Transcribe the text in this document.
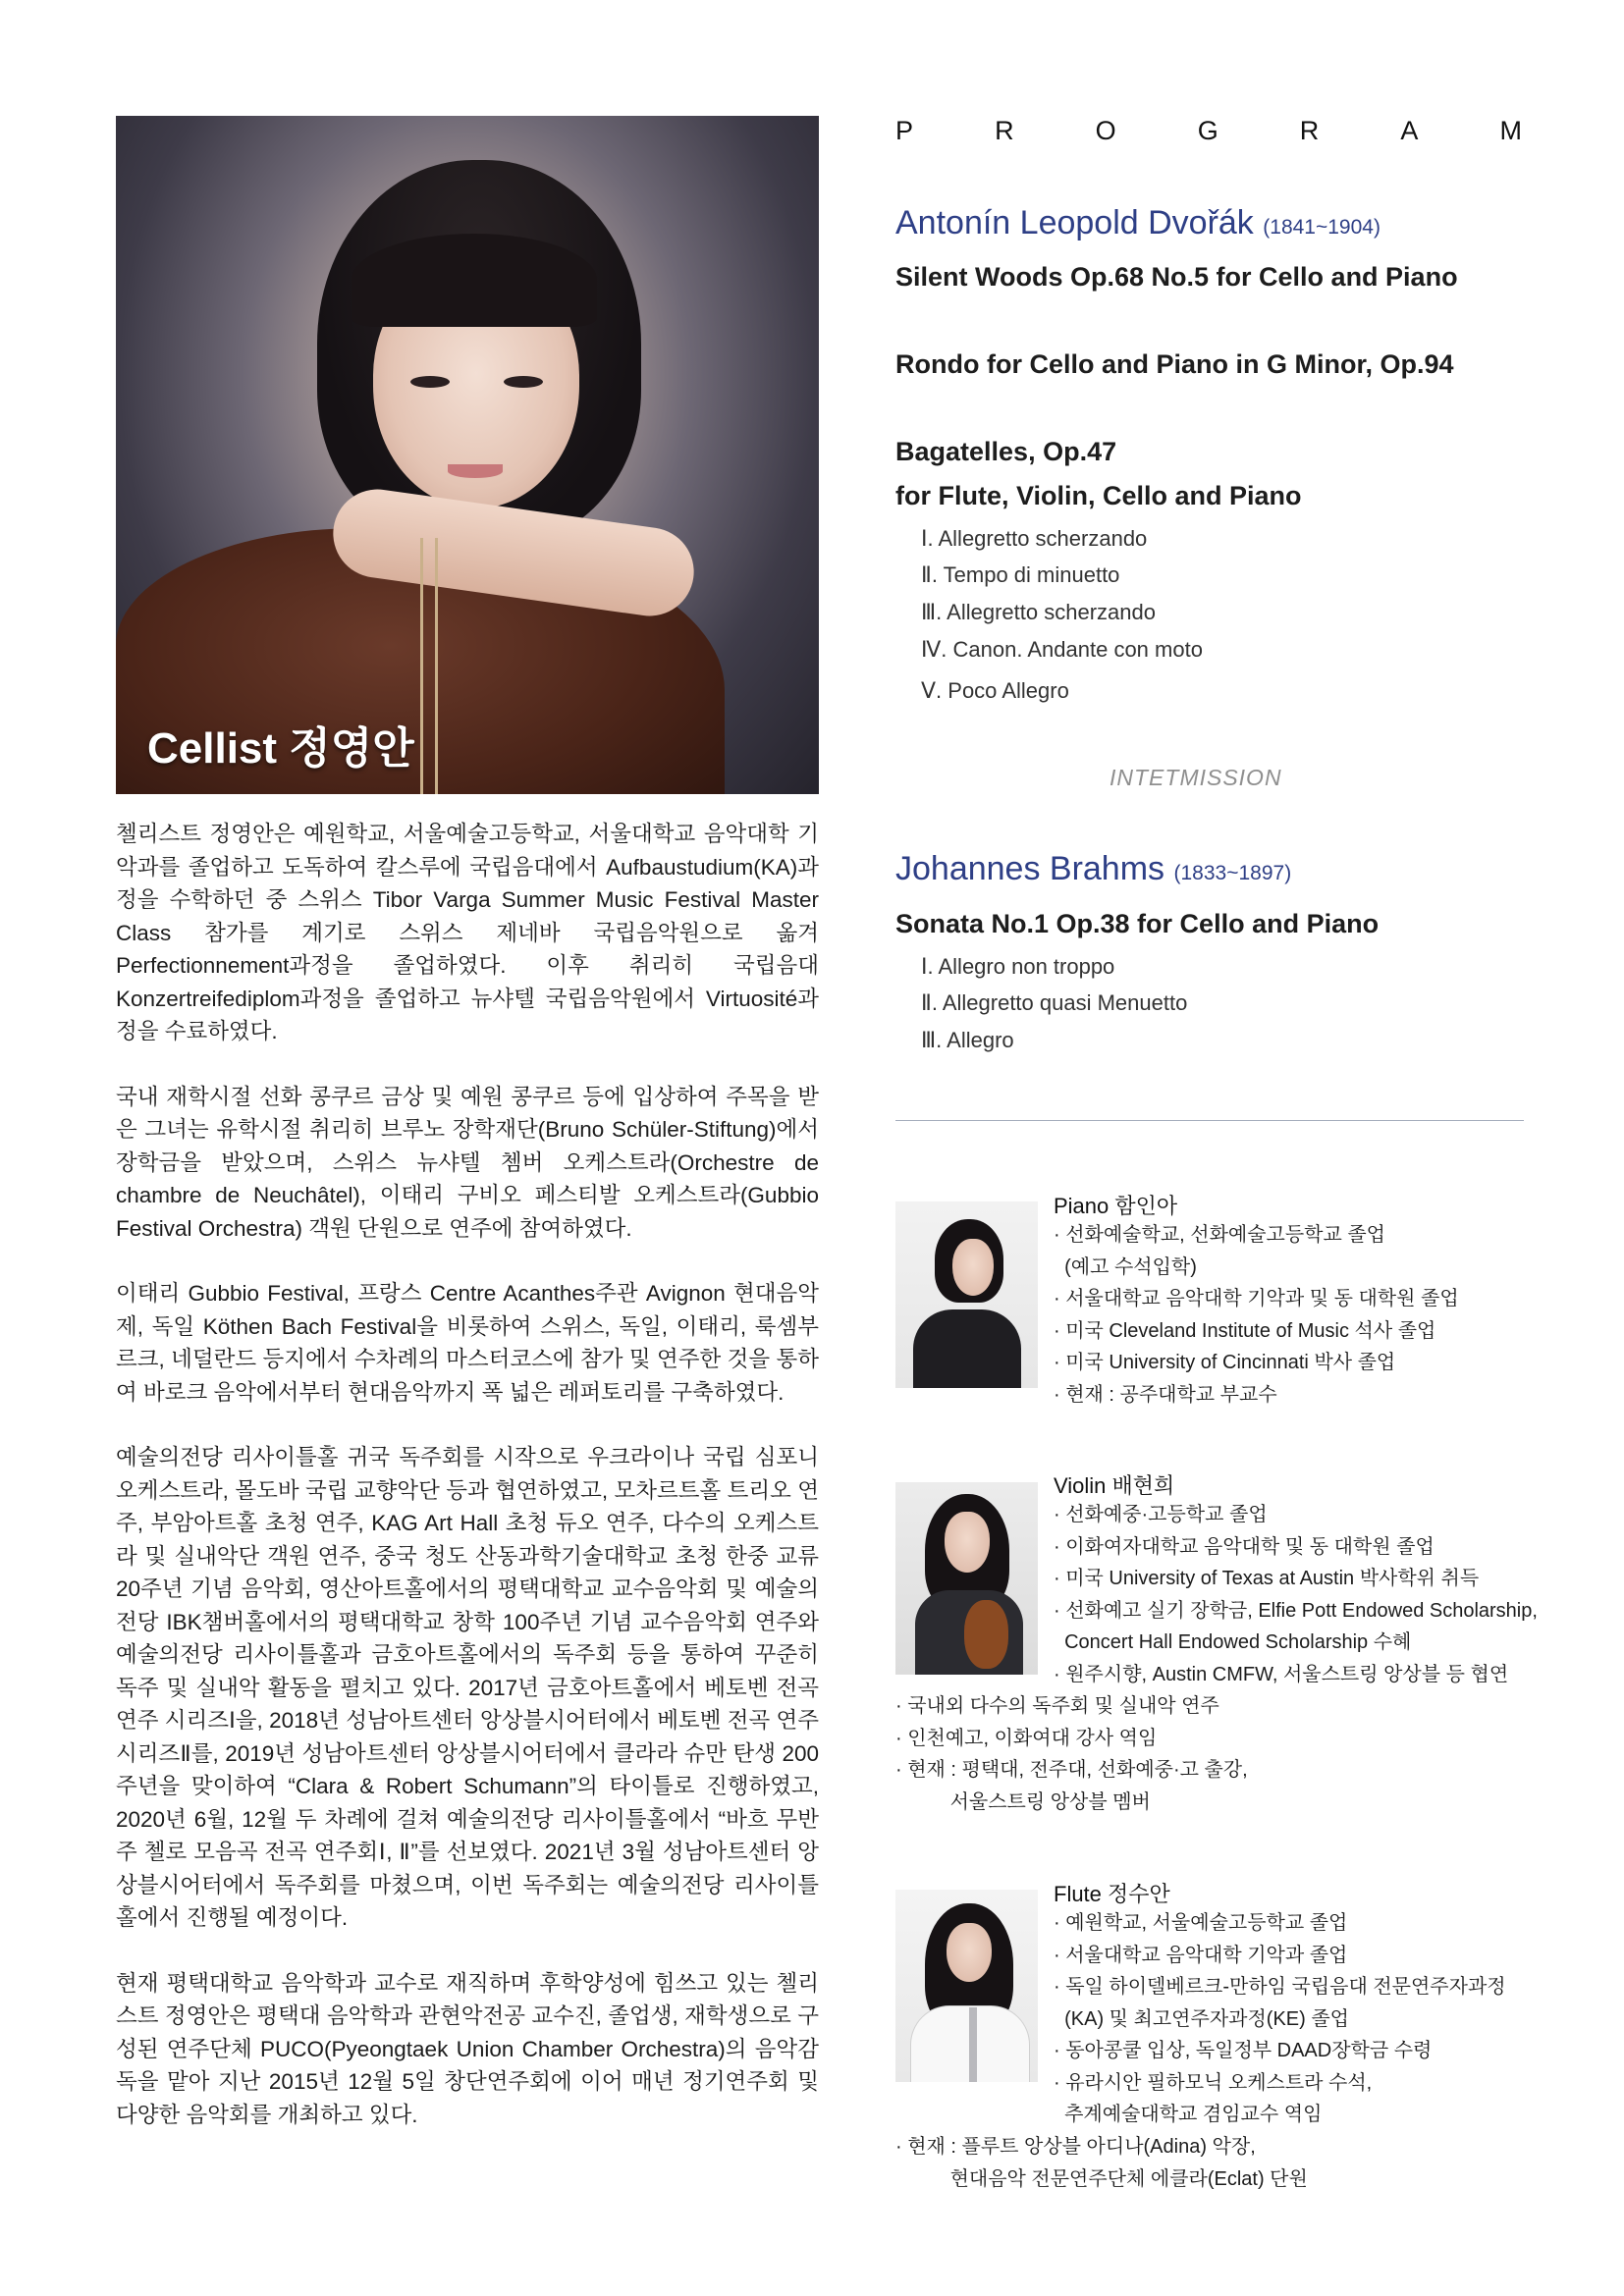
Cellist 정영안

첼리스트 정영안은 예원학교, 서울예술고등학교, 서울대학교 음악대학 기악과를 졸업하고 도독하여 칼스루에 국립음대에서 Aufbaustudium(KA)과정을 수학하던 중 스위스 Tibor Varga Summer Music Festival Master Class 참가를 계기로 스위스 제네바 국립음악원으로 옮겨 Perfectionnement과정을 졸업하였다. 이후 취리히 국립음대 Konzertreifediplom과정을 졸업하고 뉴샤텔 국립음악원에서 Virtuosité과정을 수료하였다.

국내 재학시절 선화 콩쿠르 금상 및 예원 콩쿠르 등에 입상하여 주목을 받은 그녀는 유학시절 취리히 브루노 장학재단(Bruno Schüler-Stiftung)에서 장학금을 받았으며, 스위스 뉴샤텔 쳄버 오케스트라(Orchestre de chambre de Neuchâtel), 이태리 구비오 페스티발 오케스트라(Gubbio Festival Orchestra) 객원 단원으로 연주에 참여하였다.

이태리 Gubbio Festival, 프랑스 Centre Acanthes주관 Avignon 현대음악제, 독일 Köthen Bach Festival을 비롯하여 스위스, 독일, 이태리, 룩셈부르크, 네덜란드 등지에서 수차례의 마스터코스에 참가 및 연주한 것을 통하여 바로크 음악에서부터 현대음악까지 폭 넓은 레퍼토리를 구축하였다.

예술의전당 리사이틀홀 귀국 독주회를 시작으로 우크라이나 국립 심포니 오케스트라, 몰도바 국립 교향악단 등과 협연하였고, 모차르트홀 트리오 연주, 부암아트홀 초청 연주, KAG Art Hall 초청 듀오 연주, 다수의 오케스트라 및 실내악단 객원 연주, 중국 청도 산동과학기술대학교 초청 한중 교류 20주년 기념 음악회, 영산아트홀에서의 평택대학교 교수음악회 및 예술의전당 IBK챔버홀에서의 평택대학교 창학 100주년 기념 교수음악회 연주와 예술의전당 리사이틀홀과 금호아트홀에서의 독주회 등을 통하여 꾸준히 독주 및 실내악 활동을 펼치고 있다. 2017년 금호아트홀에서 베토벤 전곡 연주 시리즈Ⅰ을, 2018년 성남아트센터 앙상블시어터에서 베토벤 전곡 연주 시리즈Ⅱ를, 2019년 성남아트센터 앙상블시어터에서 클라라 슈만 탄생 200주년을 맞이하여 “Clara & Robert Schumann”의 타이틀로 진행하였고, 2020년 6월, 12월 두 차례에 걸쳐 예술의전당 리사이틀홀에서 “바흐 무반주 첼로 모음곡 전곡 연주회Ⅰ, Ⅱ”를 선보였다. 2021년 3월 성남아트센터 앙상블시어터에서 독주회를 마쳤으며, 이번 독주회는 예술의전당 리사이틀홀에서 진행될 예정이다.

현재 평택대학교 음악학과 교수로 재직하며 후학양성에 힘쓰고 있는 첼리스트 정영안은 평택대 음악학과 관현악전공 교수진, 졸업생, 재학생으로 구성된 연주단체 PUCO(Pyeongtaek Union Chamber Orchestra)의 음악감독을 맡아 지난 2015년 12월 5일 창단연주회에 이어 매년 정기연주회 및 다양한 음악회를 개최하고 있다.

P	R	O	G	R	A	M
Antonín Leopold Dvořák (1841~1904)
Silent Woods Op.68 No.5 for Cello and Piano
Rondo for Cello and Piano in G Minor, Op.94
Bagatelles, Op.47
for Flute, Violin, Cello and Piano
Ⅰ. Allegretto scherzando
Ⅱ. Tempo di minuetto
Ⅲ. Allegretto scherzando
Ⅳ. Canon. Andante con moto
Ⅴ. Poco Allegro
INTETMISSION
Johannes Brahms (1833~1897)
Sonata No.1 Op.38 for Cello and Piano
Ⅰ. Allegro non troppo
Ⅱ. Allegretto quasi Menuetto
Ⅲ. Allegro
Piano 함인아
· 선화예술학교, 선화예술고등학교 졸업
(예고 수석입학)
· 서울대학교 음악대학 기악과 및 동 대학원 졸업
· 미국 Cleveland Institute of Music 석사 졸업
· 미국 University of Cincinnati 박사 졸업
· 현재 : 공주대학교 부교수
Violin 배현희
· 선화예중·고등학교 졸업
· 이화여자대학교 음악대학 및 동 대학원 졸업
· 미국 University of Texas at Austin 박사학위 취득
· 선화예고 실기 장학금, Elfie Pott Endowed Scholarship,
Concert Hall Endowed Scholarship 수혜
· 원주시향, Austin CMFW, 서울스트링 앙상블 등 협연
· 국내외 다수의 독주회 및 실내악 연주
· 인천예고, 이화여대 강사 역임
· 현재 : 평택대, 전주대, 선화예중·고 출강,
서울스트링 앙상블 멤버
Flute 정수안
· 예원학교, 서울예술고등학교 졸업
· 서울대학교 음악대학 기악과 졸업
· 독일 하이델베르크-만하임 국립음대 전문연주자과정
(KA) 및 최고연주자과정(KE) 졸업
· 동아콩쿨 입상, 독일정부 DAAD장학금 수령
· 유라시안 필하모닉 오케스트라 수석,
추계예술대학교 겸임교수 역임
· 현재 : 플루트 앙상블 아디나(Adina) 악장,
현대음악 전문연주단체 에클라(Eclat) 단원
